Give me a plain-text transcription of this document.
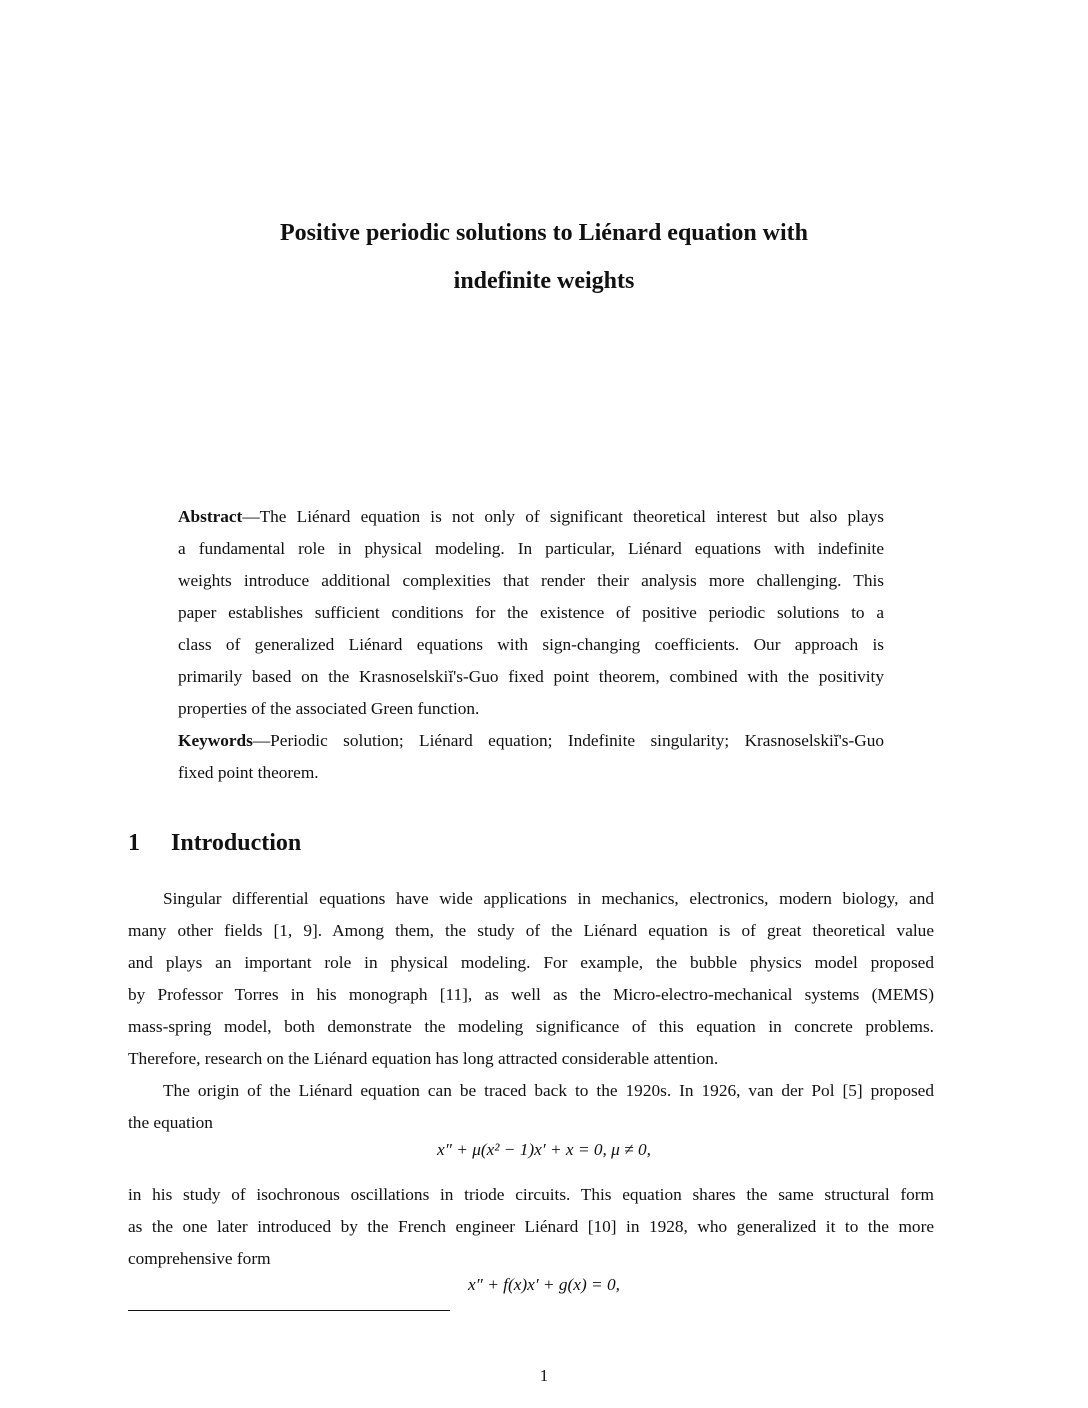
Positive periodic solutions to Liénard equation with
indefinite weights
Abstract—The Liénard equation is not only of significant theoretical interest but also plays
a fundamental role in physical modeling. In particular, Liénard equations with indefinite
weights introduce additional complexities that render their analysis more challenging. This
paper establishes sufficient conditions for the existence of positive periodic solutions to a
class of generalized Liénard equations with sign-changing coefficients. Our approach is
primarily based on the Krasnoselskiĭ's-Guo fixed point theorem, combined with the positivity
properties of the associated Green function.
Keywords—Periodic solution; Liénard equation; Indefinite singularity; Krasnoselskiĭ's-Guo
fixed point theorem.
1 Introduction
Singular differential equations have wide applications in mechanics, electronics, modern biology, and
many other fields [1, 9]. Among them, the study of the Liénard equation is of great theoretical value
and plays an important role in physical modeling. For example, the bubble physics model proposed
by Professor Torres in his monograph [11], as well as the Micro-electro-mechanical systems (MEMS)
mass-spring model, both demonstrate the modeling significance of this equation in concrete problems.
Therefore, research on the Liénard equation has long attracted considerable attention.
The origin of the Liénard equation can be traced back to the 1920s. In 1926, van der Pol [5] proposed
the equation
x″ + μ(x² − 1)x′ + x = 0, μ ≠ 0,
in his study of isochronous oscillations in triode circuits. This equation shares the same structural form
as the one later introduced by the French engineer Liénard [10] in 1928, who generalized it to the more
comprehensive form
x″ + f(x)x′ + g(x) = 0,
1
